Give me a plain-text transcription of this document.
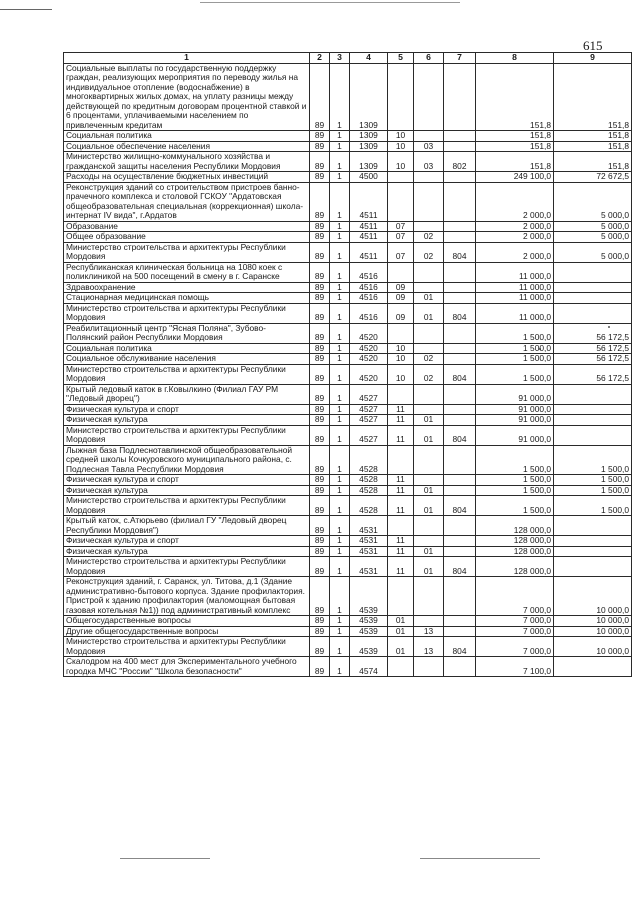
615
1	2	3	4	5	6	7	8	9
Социальные выплаты по государственную поддержку граждан, реализующих мероприятия по переводу жилья на индивидуальное отопление (водоснабжение) в многоквартирных жилых домах, на уплату разницы между действующей по кредитным договорам процентной ставкой и 6 процентами, уплачиваемыми населением по привлеченным кредитам	89	1	1309				151,8	151,8
Социальная политика	89	1	1309	10			151,8	151,8
Социальное обеспечение населения	89	1	1309	10	03		151,8	151,8
Министерство жилищно-коммунального хозяйства и гражданской защиты населения Республики Мордовия	89	1	1309	10	03	802	151,8	151,8
Расходы на осуществление бюджетных инвестиций	89	1	4500				249 100,0	72 672,5
Реконструкция зданий со строительством пристроев банно-прачечного комплекса и столовой ГСКОУ "Ардатовская общеобразовательная специальная (коррекционная) школа-интернат IV вида", г.Ардатов	89	1	4511				2 000,0	5 000,0
Образование	89	1	4511	07			2 000,0	5 000,0
Общее образование	89	1	4511	07	02		2 000,0	5 000,0
Министерство строительства и архитектуры Республики Мордовия	89	1	4511	07	02	804	2 000,0	5 000,0
Республиканская клиническая больница на 1080 коек с поликлиникой на 500 посещений в смену в г. Саранске	89	1	4516				11 000,0	
Здравоохранение	89	1	4516	09			11 000,0	
Стационарная медицинская помощь	89	1	4516	09	01		11 000,0	
Министерство строительства и архитектуры Республики Мордовия	89	1	4516	09	01	804	11 000,0	
Реабилитационный центр "Ясная Поляна", Зубово-Полянский район Республики Мордовия	89	1	4520				1 500,0	56 172,5
Социальная политика	89	1	4520	10			1 500,0	56 172,5
Социальное обслуживание населения	89	1	4520	10	02		1 500,0	56 172,5
Министерство строительства и архитектуры Республики Мордовия	89	1	4520	10	02	804	1 500,0	56 172,5
Крытый ледовый каток в г.Ковылкино (Филиал ГАУ РМ "Ледовый дворец")	89	1	4527				91 000,0	
Физическая культура и спорт	89	1	4527	11			91 000,0	
Физическая культура	89	1	4527	11	01		91 000,0	
Министерство строительства и архитектуры Республики Мордовия	89	1	4527	11	01	804	91 000,0	
Лыжная база Подлеснотавлинской общеобразовательной средней школы Кочкуровского муниципального района, с. Подлесная Тавла Республики Мордовия	89	1	4528				1 500,0	1 500,0
Физическая культура и спорт	89	1	4528	11			1 500,0	1 500,0
Физическая культура	89	1	4528	11	01		1 500,0	1 500,0
Министерство строительства и архитектуры Республики Мордовия	89	1	4528	11	01	804	1 500,0	1 500,0
Крытый каток, с.Атюрьево (филиал ГУ "Ледовый дворец Республики Мордовия")	89	1	4531				128 000,0	
Физическая культура и спорт	89	1	4531	11			128 000,0	
Физическая культура	89	1	4531	11	01		128 000,0	
Министерство строительства и архитектуры Республики Мордовия	89	1	4531	11	01	804	128 000,0	
Реконструкция зданий, г. Саранск, ул. Титова, д.1 (Здание административно-бытового корпуса. Здание профилактория. Пристрой к зданию профилактория (маломощная бытовая газовая котельная №1)) под административный комплекс	89	1	4539				7 000,0	10 000,0
Общегосударственные вопросы	89	1	4539	01			7 000,0	10 000,0
Другие общегосударственные вопросы	89	1	4539	01	13		7 000,0	10 000,0
Министерство строительства и архитектуры Республики Мордовия	89	1	4539	01	13	804	7 000,0	10 000,0
Скалодром на 400 мест для Экспериментального учебного городка МЧС "России" "Школа безопасности"	89	1	4574				7 100,0	
